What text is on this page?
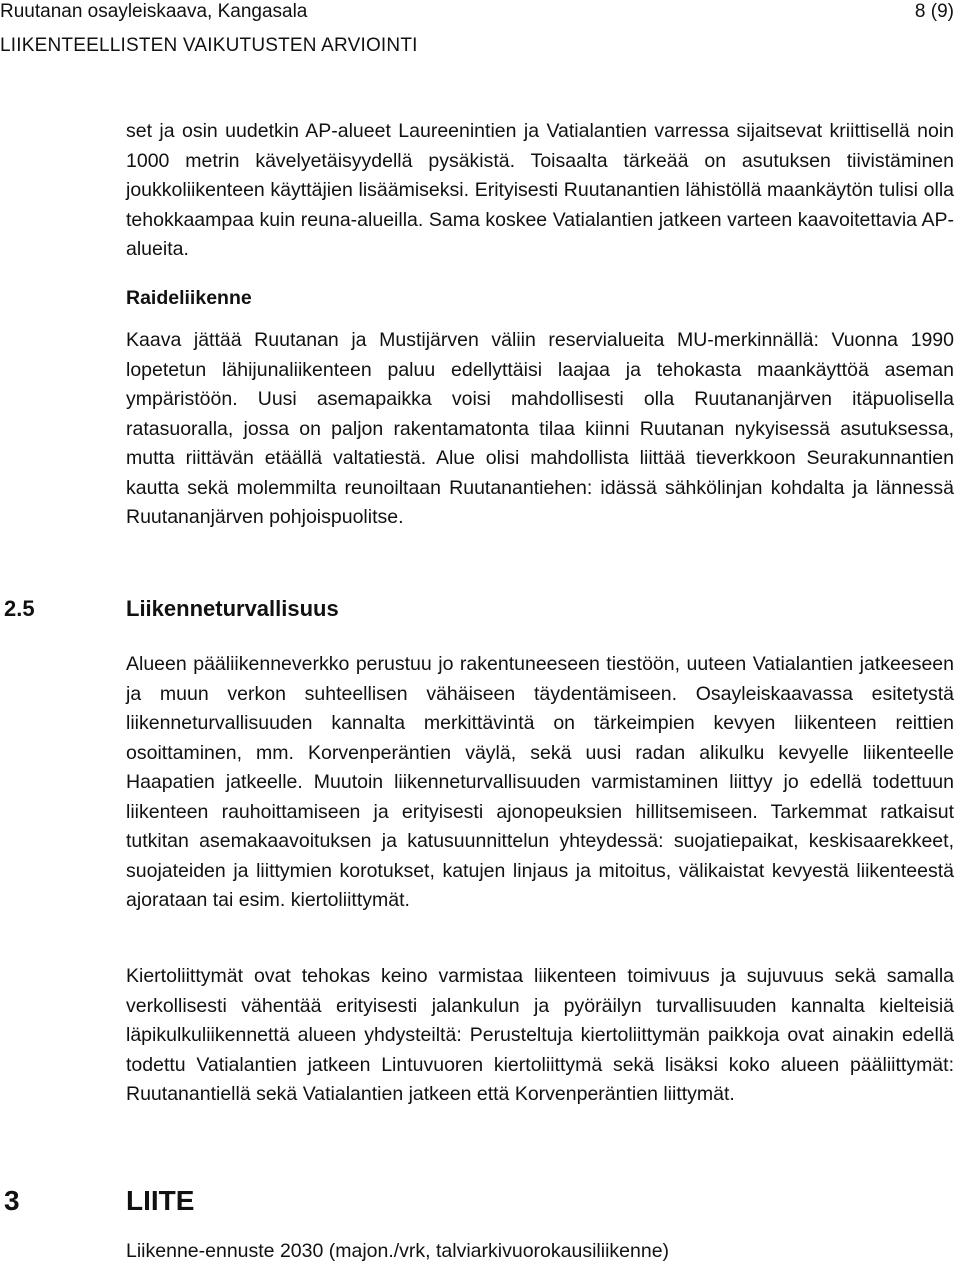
Ruutanan osayleiskaava, Kangasala	8 (9)
LIIKENTEELLISTEN VAIKUTUSTEN ARVIOINTI

set ja osin uudetkin AP-alueet Laureenintien ja Vatialantien varressa sijaitsevat kriittisellä noin 1000 metrin kävelyetäisyydellä pysäkistä. Toisaalta tärkeää on asutuksen tiivistäminen joukkoliikenteen käyttäjien lisäämiseksi. Erityisesti Ruutanantien lähistöllä maankäytön tulisi olla tehokkaampaa kuin reuna-alueilla. Sama koskee Vatialantien jatkeen varteen kaavoitettavia AP-alueita.

Raideliikenne

Kaava jättää Ruutanan ja Mustijärven väliin reservialueita MU-merkinnällä: Vuonna 1990 lopetetun lähijunaliikenteen paluu edellyttäisi laajaa ja tehokasta maankäyttöä aseman ympäristöön. Uusi asemapaikka voisi mahdollisesti olla Ruutananjärven itäpuolisella ratasuoralla, jossa on paljon rakentamatonta tilaa kiinni Ruutanan nykyisessä asutuksessa, mutta riittävän etäällä valtatiestä. Alue olisi mahdollista liittää tieverkkoon Seurakunnantien kautta sekä molemmilta reunoiltaan Ruutanantiehen: idässä sähkölinjan kohdalta ja lännessä Ruutananjärven pohjoispuolitse.

2.5	Liikenneturvallisuus

Alueen pääliikenneverkko perustuu jo rakentuneeseen tiestöön, uuteen Vatialantien jatkeeseen ja muun verkon suhteellisen vähäiseen täydentämiseen. Osayleiskaavassa esitetystä liikenneturvallisuuden kannalta merkittävintä on tärkeimpien kevyen liikenteen reittien osoittaminen, mm. Korvenperäntien väylä, sekä uusi radan alikulku kevyelle liikenteelle Haapatien jatkeelle. Muutoin liikenneturvallisuuden varmistaminen liittyy jo edellä todettuun liikenteen rauhoittamiseen ja erityisesti ajonopeuksien hillitsemiseen. Tarkemmat ratkaisut tutkitan asemakaavoituksen ja katusuunnittelun yhteydessä: suojatiepaikat, keskisaarekkeet, suojateiden ja liittymien korotukset, katujen linjaus ja mitoitus, välikaistat kevyestä liikenteestä ajorataan tai esim. kiertoliittymät.

Kiertoliittymät ovat tehokas keino varmistaa liikenteen toimivuus ja sujuvuus sekä samalla verkollisesti vähentää erityisesti jalankulun ja pyöräilyn turvallisuuden kannalta kielteisiä läpikulkuliikennettä alueen yhdysteiltä: Perusteltuja kiertoliittymän paikkoja ovat ainakin edellä todettu Vatialantien jatkeen Lintuvuoren kiertoliittymä sekä lisäksi koko alueen pääliittymät: Ruutanantiellä sekä Vatialantien jatkeen että Korvenperäntien liittymät.

3	LIITE
Liikenne-ennuste 2030 (majon./vrk, talviarkivuorokausiliikenne)
